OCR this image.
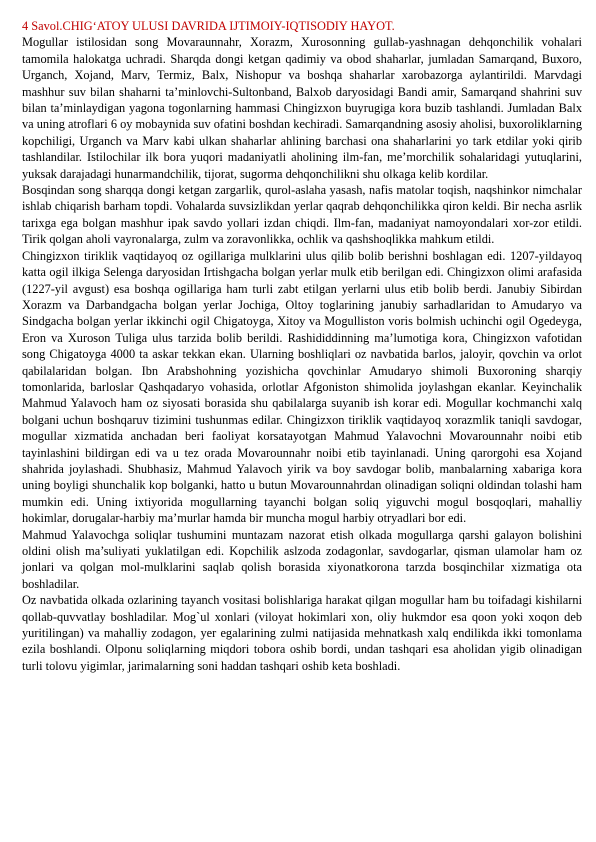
4 Savol.CHIG‘ATOY ULUSI DAVRIDA IJTIMOIY-IQTISODIY HAYOT.

Mogullar istilosidan song Movaraunnahr, Xorazm, Xurosonning gullab-yashnagan dehqonchilik vohalari tamomila halokatga uchradi. Sharqda dongi ketgan qadimiy va obod shaharlar, jumladan Samarqand, Buxoro, Urganch, Xojand, Marv, Termiz, Balx, Nishopur va boshqa shaharlar xarobazorga aylantirildi. Marvdagi mashhur suv bilan shaharni ta’minlovchi-Sultonband, Balxob daryosidagi Bandi amir, Samarqand shahrini suv bilan ta’minlaydigan yagona togonlarning hammasi Chingizxon buyrugiga kora buzib tashlandi. Jumladan Balx va uning atroflari 6 oy mobaynida suv ofatini boshdan kechiradi. Samarqandning asosiy aholisi, buxoroliklarning kopchiligi, Urganch va Marv kabi ulkan shaharlar ahlining barchasi ona shaharlarini yo tark etdilar yoki qirib tashlandilar. Istilochilar ilk bora yuqori madaniyatli aholining ilm-fan, me’morchilik sohalaridagi yutuqlarini, yuksak darajadagi hunarmandchilik, tijorat, sugorma dehqonchilikni shu olkaga kelib kordilar.

Bosqindan song sharqqa dongi ketgan zargarlik, qurol-aslaha yasash, nafis matolar toqish, naqshinkor nimchalar ishlab chiqarish barham topdi. Vohalarda suvsizlikdan yerlar qaqrab dehqonchilikka qiron keldi. Bir necha asrlik tarixga ega bolgan mashhur ipak savdo yollari izdan chiqdi. Ilm-fan, madaniyat namoyondalari xor-zor etildi. Tirik qolgan aholi vayronalarga, zulm va zoravonlikka, ochlik va qashshoqlikka mahkum etildi.

Chingizxon tiriklik vaqtidayoq oz ogillariga mulklarini ulus qilib bolib berishni boshlagan edi. 1207-yildayoq katta ogil ilkiga Selenga daryosidan Irtishgacha bolgan yerlar mulk etib berilgan edi. Chingizxon olimi arafasida (1227-yil avgust) esa boshqa ogillariga ham turli zabt etilgan yerlarni ulus etib bolib berdi. Janubiy Sibirdan Xorazm va Darbandgacha bolgan yerlar Jochiga, Oltoy toglarining janubiy sarhadlaridan to Amudaryo va Sindgacha bolgan yerlar ikkinchi ogil Chigatoyga, Xitoy va Mogulliston voris bolmish uchinchi ogil Ogedeyga, Eron va Xuroson Tuliga ulus tarzida bolib berildi. Rashididdinning ma’lumotiga kora, Chingizxon vafotidan song Chigatoyga 4000 ta askar tekkan ekan. Ularning boshliqlari oz navbatida barlos, jaloyir, qovchin va orlot qabilalaridan bolgan. Ibn Arabshohning yozishicha qovchinlar Amudaryo shimoli Buxoroning sharqiy tomonlarida, barloslar Qashqadaryo vohasida, orlotlar Afgoniston shimolida joylashgan ekanlar. Keyinchalik Mahmud Yalavoch ham oz siyosati borasida shu qabilalarga suyanib ish korar edi. Mogullar kochmanchi xalq bolgani uchun boshqaruv tizimini tushunmas edilar. Chingizxon tiriklik vaqtidayoq xorazmlik taniqli savdogar, mogullar xizmatida anchadan beri faoliyat korsatayotgan Mahmud Yalavochni Movarounnahr noibi etib tayinlashini bildirgan edi va u tez orada Movarounnahr noibi etib tayinlanadi. Uning qarorgohi esa Xojand shahrida joylashadi. Shubhasiz, Mahmud Yalavoch yirik va boy savdogar bolib, manbalarning xabariga kora uning boyligi shunchalik kop bolganki, hatto u butun Movarounnahrdan olinadigan soliqni oldindan tolashi ham mumkin edi. Uning ixtiyorida mogullarning tayanchi bolgan soliq yiguvchi mogul bosqoqlari, mahalliy hokimlar, dorugalar-harbiy ma’murlar hamda bir muncha mogul harbiy otryadlari bor edi.

Mahmud Yalavochga soliqlar tushumini muntazam nazorat etish olkada mogullarga qarshi galayon bolishini oldini olish ma’suliyati yuklatilgan edi. Kopchilik aslzoda zodagonlar, savdogarlar, qisman ulamolar ham oz jonlari va qolgan mol-mulklarini saqlab qolish borasida xiyonatkorona tarzda bosqinchilar xizmatiga ota boshladilar.

Oz navbatida olkada ozlarining tayanch vositasi bolishlariga harakat qilgan mogullar ham bu toifadagi kishilarni qollab-quvvatlay boshladilar. Mog`ul xonlari (viloyat hokimlari xon, oliy hukmdor esa qoon yoki xoqon deb yuritilingan) va mahalliy zodagon, yer egalarining zulmi natijasida mehnatkash xalq endilikda ikki tomonlama ezila boshlandi. Olponu soliqlarning miqdori tobora oshib bordi, undan tashqari esa aholidan yigib olinadigan turli tolovu yigimlar, jarimalarning soni haddan tashqari oshib keta boshladi.
